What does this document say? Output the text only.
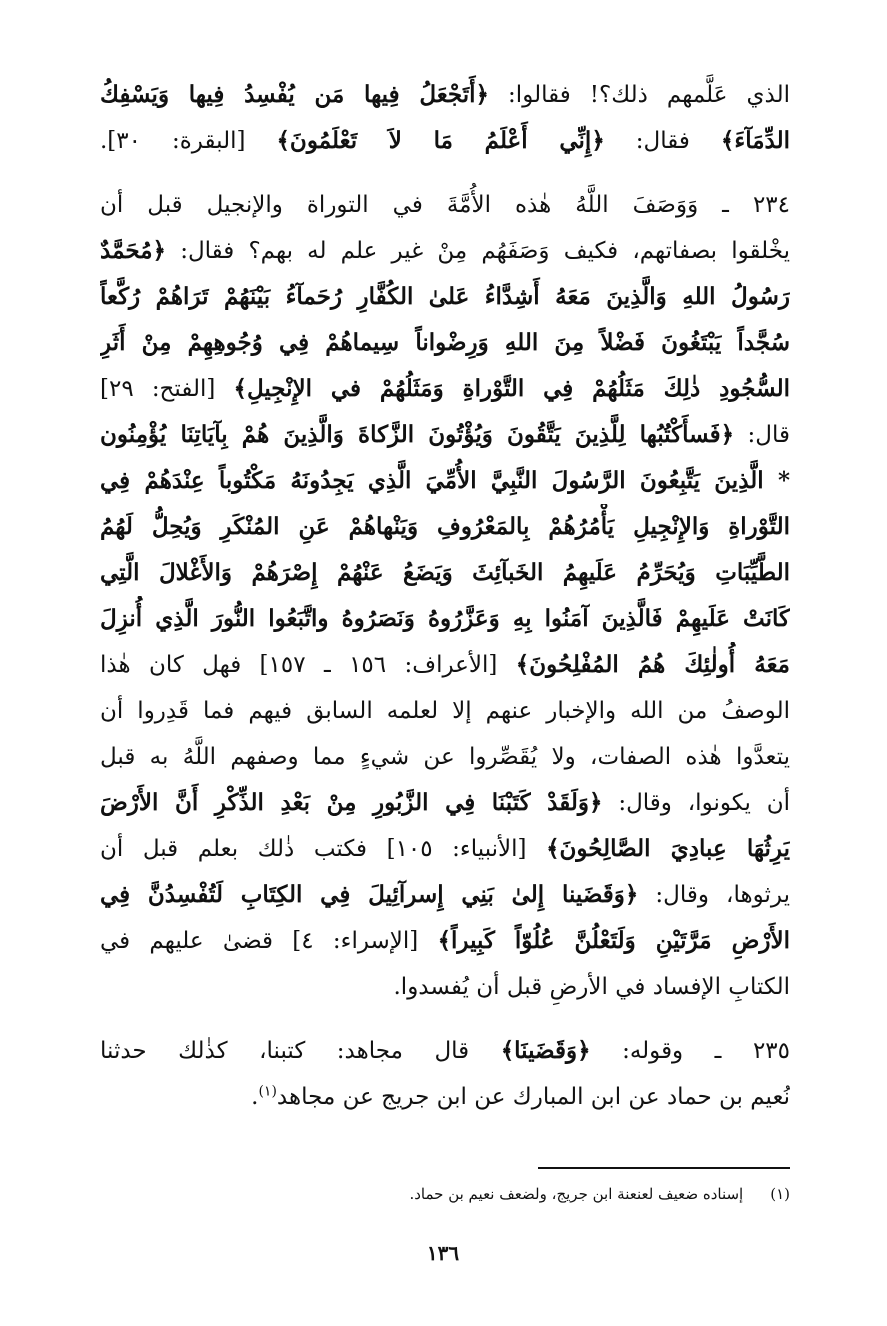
الذي عَلَّمهم ذلك؟! فقالوا: ﴿أَتَجْعَلُ فِيها مَن يُفْسِدُ فِيها وَيَسْفِكُ
الدِّمَآءَ﴾ فقال: ﴿إِنِّي أَعْلَمُ مَا لاَ تَعْلَمُونَ﴾ [البقرة: ٣٠].
٢٣٤ ـ وَوَصَفَ اللَّهُ هٰذه الأُمَّةَ في التوراة والإنجيل قبل أن
يخْلقوا بصفاتهم، فكيف وَصَفَهُم مِنْ غير علم له بهم؟ فقال: ﴿مُحَمَّدٌ
رَسُولُ اللهِ وَالَّذِينَ مَعَهُ أَشِدَّاءُ عَلىٰ الكُفَّارِ رُحَمآءُ بَيْنَهُمْ تَرَاهُمْ رُكَّعاً
سُجَّداً يَبْتَغُونَ فَضْلاً مِنَ اللهِ وَرِضْواناً سِيماهُمْ فِي وُجُوهِهِمْ مِنْ أَثَرِ
السُّجُودِ ذٰلِكَ مَثَلُهُمْ فِي التَّوْراةِ وَمَثَلُهُمْ في الإِنْجِيلِ﴾ [الفتح: ٢٩]
قال: ﴿فَسأَكْتُبُها لِلَّذِينَ يَتَّقُونَ وَيُؤْتُونَ الزَّكاةَ وَالَّذِينَ هُمْ بِآيَاتِنَا يُؤْمِنُون
* الَّذِينَ يَتَّبِعُونَ الرَّسُولَ النَّبِيَّ الأُمِّيَ الَّذِي يَجِدُونَهُ مَكْتُوباً عِنْدَهُمْ فِي
التَّوْراةِ وَالإِنْجِيلِ يَأْمُرُهُمْ بِالمَعْرُوفِ وَيَنْهاهُمْ عَنِ المُنْكَرِ وَيُحِلُّ لَهُمُ
الطَّيِّبَاتِ وَيُحَرِّمُ عَلَيهِمُ الخَبآئِثَ وَيَضَعُ عَنْهُمْ إِصْرَهُمْ وَالأَغْلالَ الَّتِي
كَانَتْ عَلَيهِمْ فَالَّذِينَ آمَنُوا بِهِ وَعَزَّرُوهُ وَنَصَرُوهُ واتَّبَعُوا النُّورَ الَّذِي أُنزِلَ
مَعَهُ أُولٰئِكَ هُمُ المُفْلِحُونَ﴾ [الأعراف: ١٥٦ ـ ١٥٧] فهل كان هٰذا
الوصفُ من الله والإخبار عنهم إلا لعلمه السابق فيهم فما قَدِروا أن
يتعدَّوا هٰذه الصفات، ولا يُقَصِّروا عن شيءٍ مما وصفهم اللَّهُ به قبل
أن يكونوا، وقال: ﴿وَلَقَدْ كَتَبْنَا فِي الزَّبُورِ مِنْ بَعْدِ الذِّكْرِ أَنَّ الأَرْضَ
يَرِثُهَا عِبادِيَ الصَّالِحُونَ﴾ [الأنبياء: ١٠٥] فكتب ذٰلك بعلم قبل أن
يرثوها، وقال: ﴿وَقَضَينا إِلىٰ بَنِي إِسرآئِيلَ فِي الكِتَابِ لَتُفْسِدُنَّ فِي
الأَرْضِ مَرَّتَيْنِ وَلَتَعْلُنَّ عُلُوّاً كَبِيراً﴾ [الإسراء: ٤] قضىٰ عليهم في
الكتابِ الإفساد في الأرضِ قبل أن يُفسدوا.
٢٣٥ ـ وقوله: ﴿وَقَضَينَا﴾ قال مجاهد: كتبنا، كذٰلك حدثنا
نُعيم بن حماد عن ابن المبارك عن ابن جريج عن مجاهد$^{(١)}$.
(١) إسناده ضعيف لعنعنة ابن جريج، ولضعف نعيم بن حماد.
١٣٦
